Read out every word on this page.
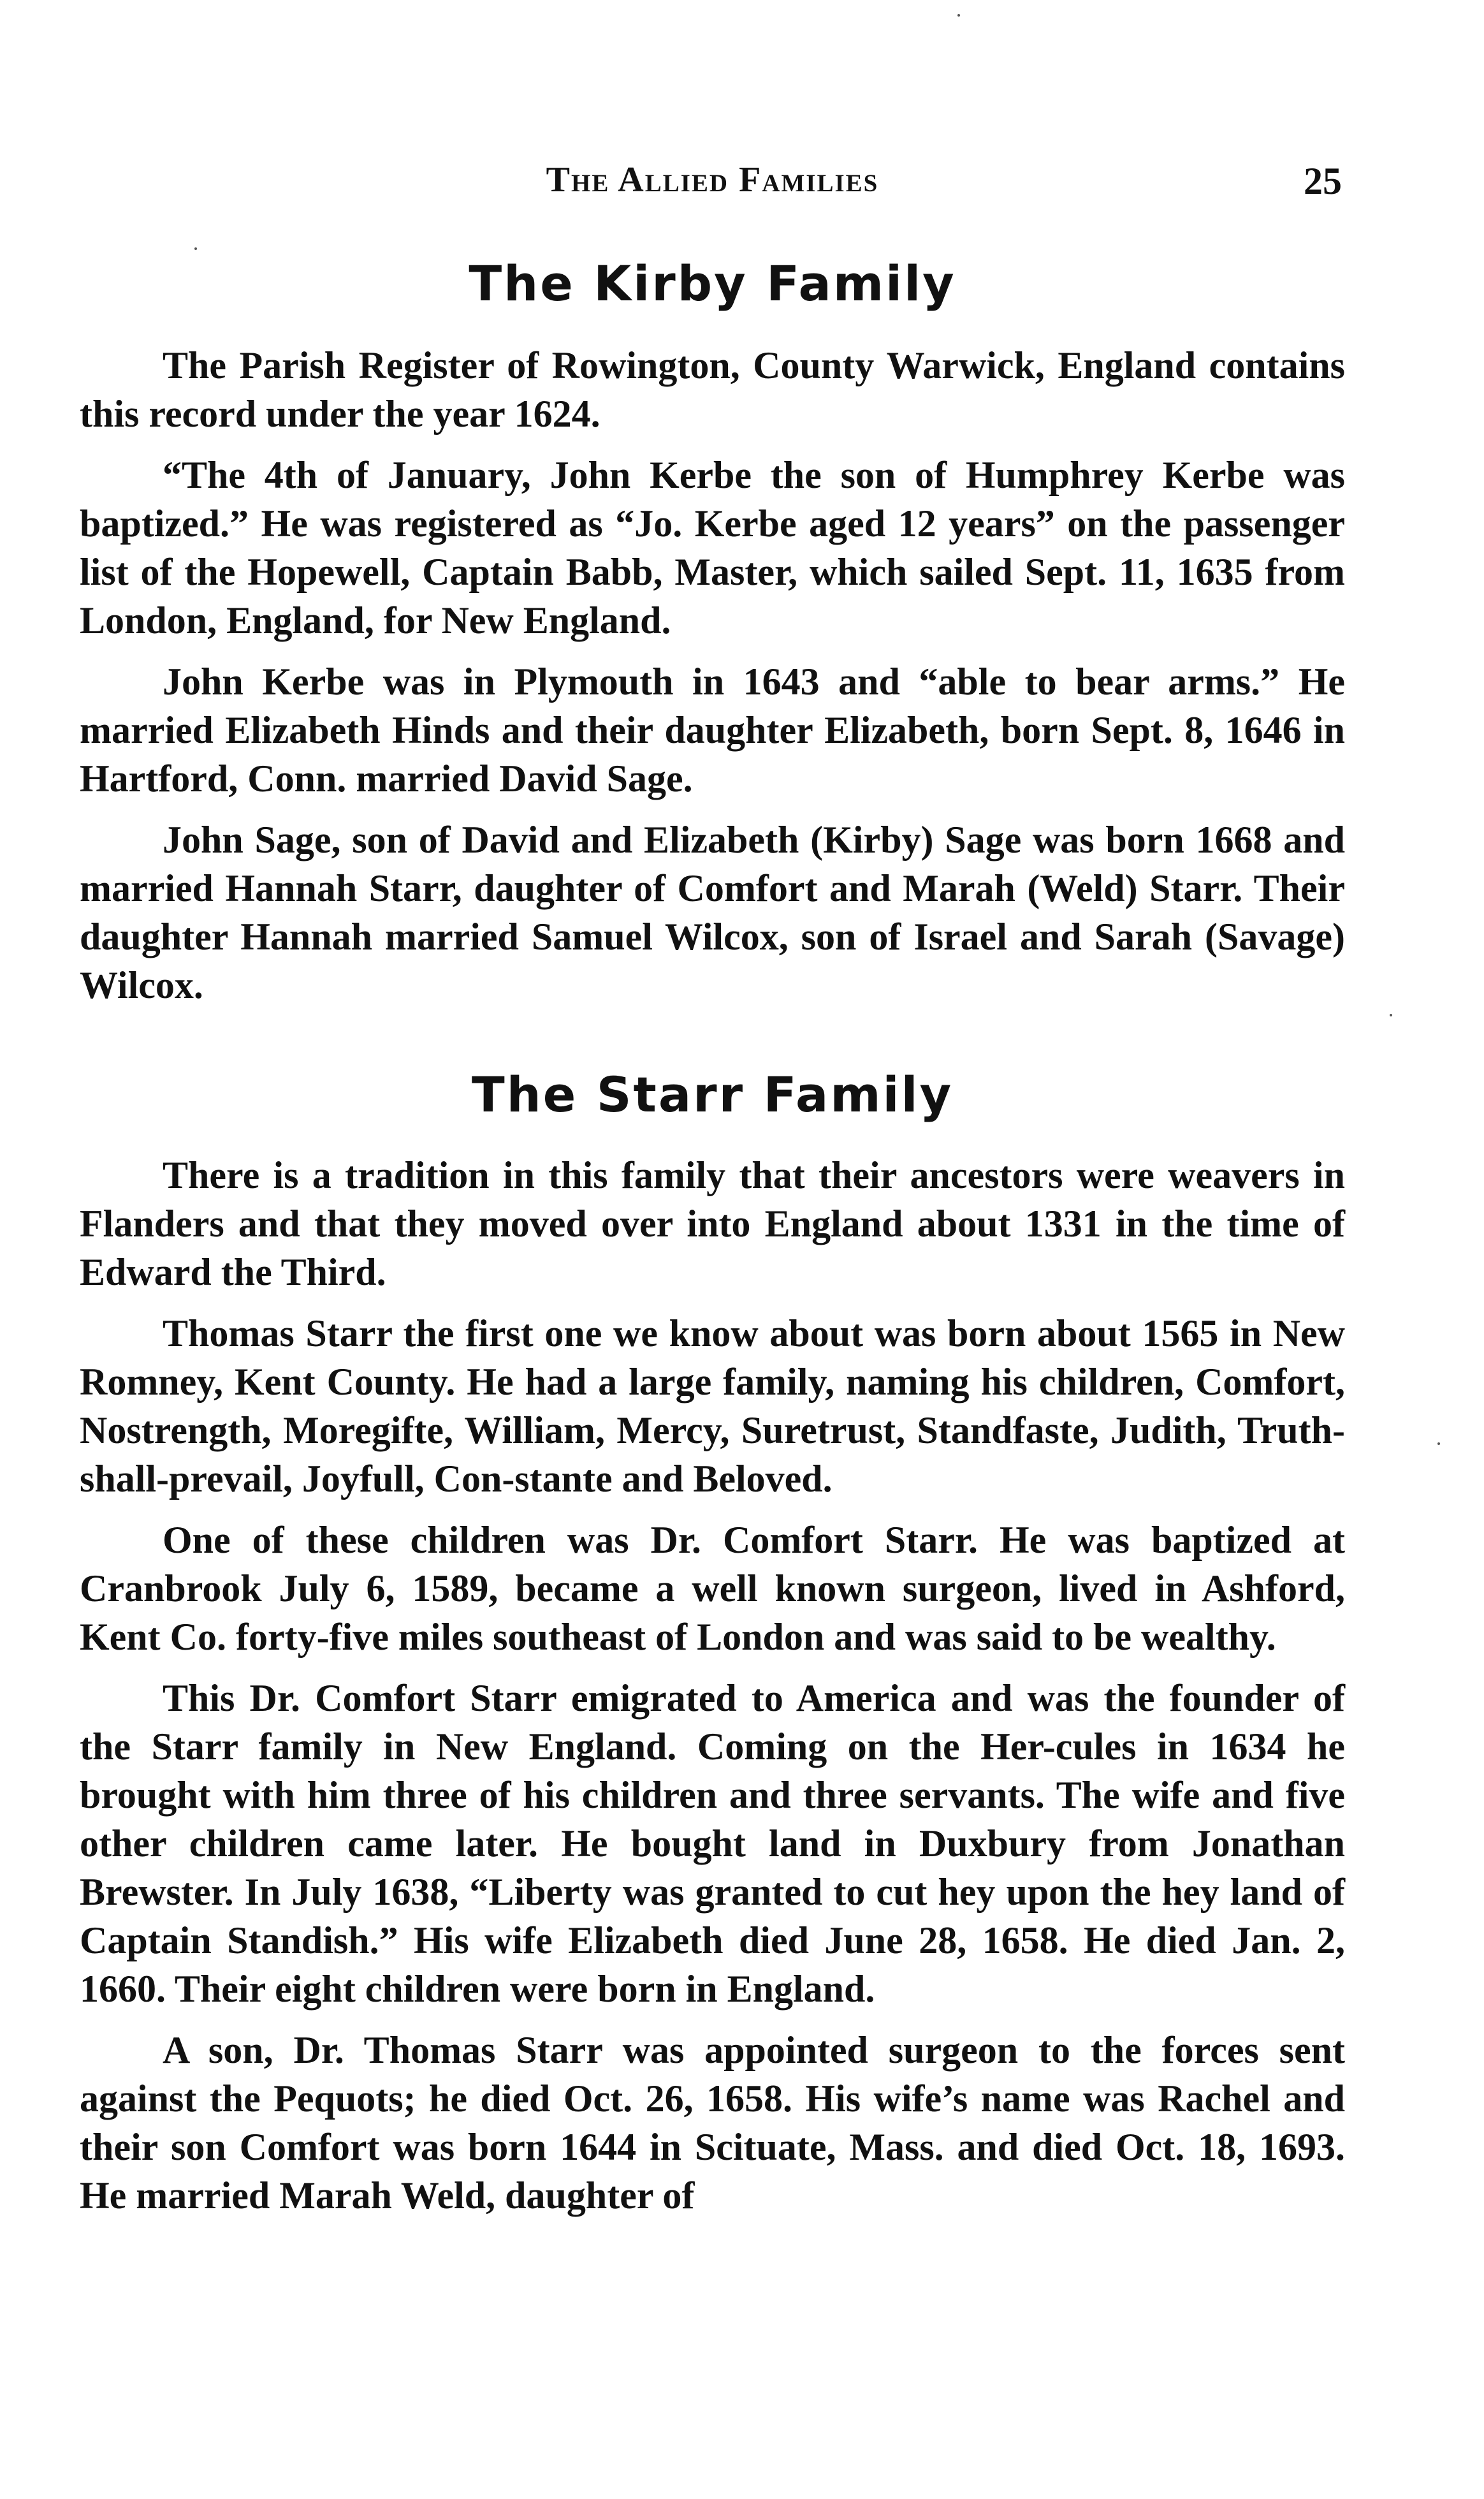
The Allied Families	25
The Kirby Family

The Parish Register of Rowington, County Warwick, England contains this record under the year 1624.

“The 4th of January, John Kerbe the son of Humphrey Kerbe was baptized.” He was registered as “Jo. Kerbe aged 12 years” on the passenger list of the Hopewell, Captain Babb, Master, which sailed Sept. 11, 1635 from London, England, for New England.

John Kerbe was in Plymouth in 1643 and “able to bear arms.” He married Elizabeth Hinds and their daughter Elizabeth, born Sept. 8, 1646 in Hartford, Conn. married David Sage.

John Sage, son of David and Elizabeth (Kirby) Sage was born 1668 and married Hannah Starr, daughter of Comfort and Marah (Weld) Starr. Their daughter Hannah married Samuel Wilcox, son of Israel and Sarah (Savage) Wilcox.

The Starr Family

There is a tradition in this family that their ancestors were weavers in Flanders and that they moved over into England about 1331 in the time of Edward the Third.

Thomas Starr the first one we know about was born about 1565 in New Romney, Kent County. He had a large family, naming his children, Comfort, Nostrength, Moregifte, William, Mercy, Suretrust, Standfaste, Judith, Truth-shall-prevail, Joyfull, Con-stante and Beloved.

One of these children was Dr. Comfort Starr. He was baptized at Cranbrook July 6, 1589, became a well known surgeon, lived in Ashford, Kent Co. forty-five miles southeast of London and was said to be wealthy.

This Dr. Comfort Starr emigrated to America and was the founder of the Starr family in New England. Coming on the Her-cules in 1634 he brought with him three of his children and three servants. The wife and five other children came later. He bought land in Duxbury from Jonathan Brewster. In July 1638, “Liberty was granted to cut hey upon the hey land of Captain Standish.” His wife Elizabeth died June 28, 1658. He died Jan. 2, 1660. Their eight children were born in England.

A son, Dr. Thomas Starr was appointed surgeon to the forces sent against the Pequots; he died Oct. 26, 1658. His wife’s name was Rachel and their son Comfort was born 1644 in Scituate, Mass. and died Oct. 18, 1693. He married Marah Weld, daughter of
